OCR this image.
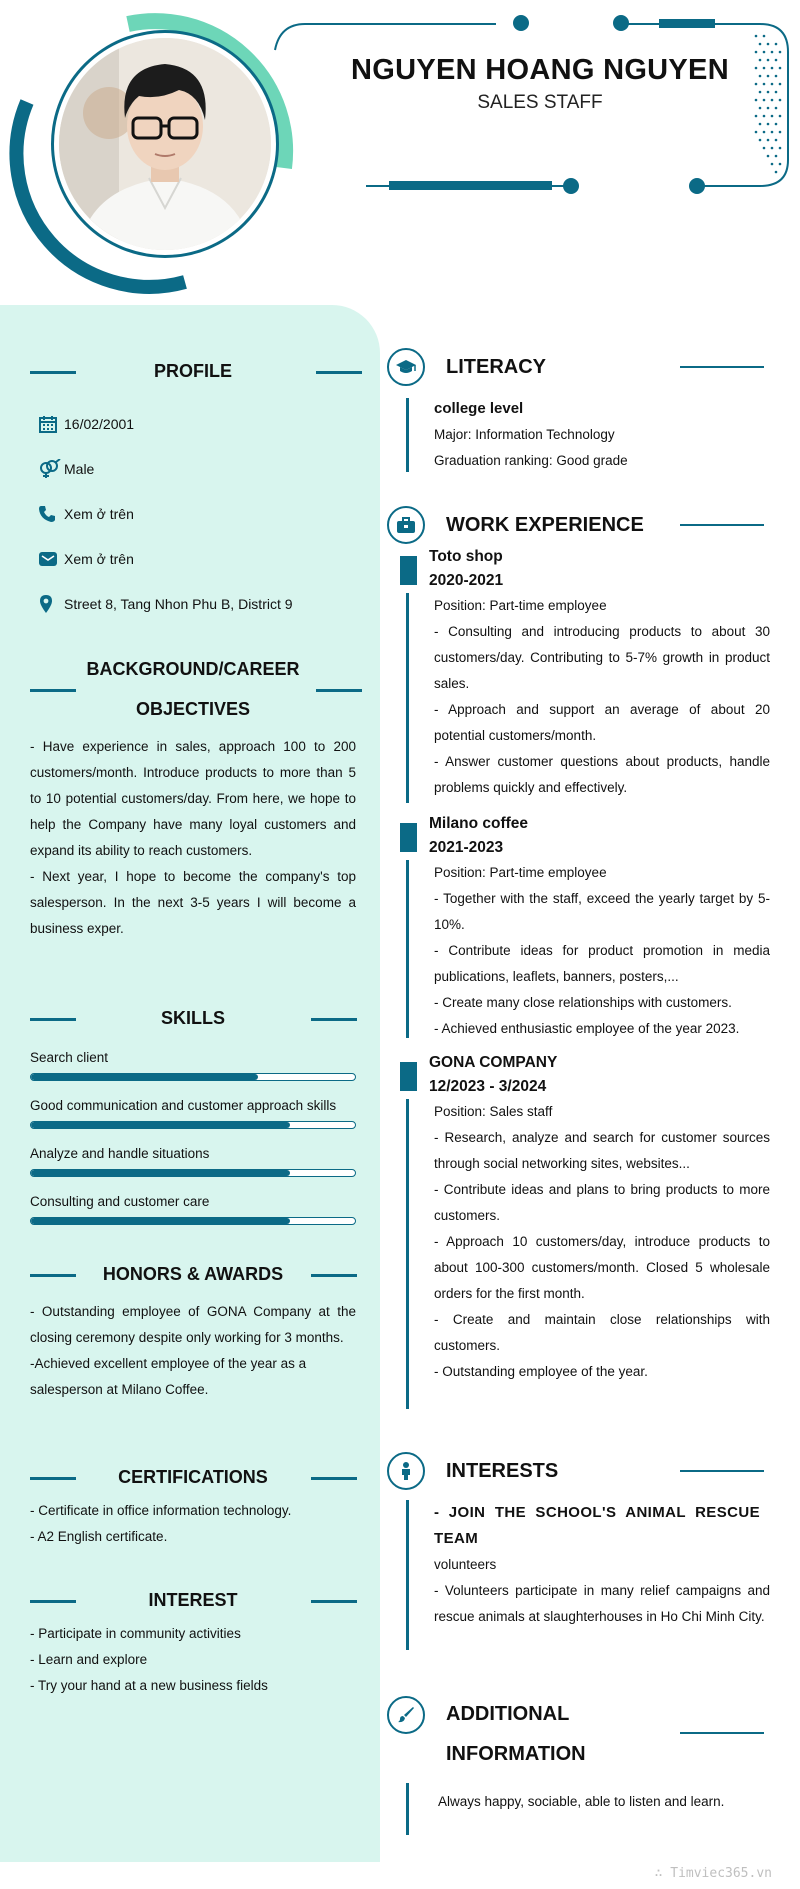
NGUYEN HOANG NGUYEN
SALES STAFF
PROFILE
16/02/2001
Male
Xem ở trên
Xem ở trên
Street 8, Tang Nhon Phu B, District 9
BACKGROUND/CAREER
OBJECTIVES

- Have experience in sales, approach 100 to 200 customers/month. Introduce products to more than 5 to 10 potential customers/day. From here, we hope to help the Company have many loyal customers and expand its ability to reach customers.

- Next year, I hope to become the company's top salesperson. In the next 3-5 years I will become a business exper.

SKILLS
Search client
Good communication and customer approach skills
Analyze and handle situations
Consulting and customer care
HONORS & AWARDS

- Outstanding employee of GONA Company at the closing ceremony despite only working for 3 months.

-Achieved excellent employee of the year as a salesperson at Milano Coffee.

CERTIFICATIONS
- Certificate in office information technology.
- A2 English certificate.
INTEREST
- Participate in community activities
- Learn and explore
- Try your hand at a new business fields
LITERACY
college level
Major: Information Technology
Graduation ranking: Good grade
WORK EXPERIENCE
Toto shop
2020-2021
Position: Part-time employee
- Consulting and introducing products to about 30 customers/day. Contributing to 5-7% growth in product sales.
- Approach and support an average of about 20 potential customers/month.
- Answer customer questions about products, handle problems quickly and effectively.
Milano coffee
2021-2023
Position: Part-time employee
- Together with the staff, exceed the yearly target by 5-10%.
- Contribute ideas for product promotion in media publications, leaflets, banners, posters,...
- Create many close relationships with customers.
- Achieved enthusiastic employee of the year 2023.
GONA COMPANY
12/2023 - 3/2024
Position: Sales staff
- Research, analyze and search for customer sources through social networking sites, websites...
- Contribute ideas and plans to bring products to more customers.
- Approach 10 customers/day, introduce products to about 100-300 customers/month. Closed 5 wholesale orders for the first month.
- Create and maintain close relationships with customers.
- Outstanding employee of the year.
INTERESTS
- JOIN THE SCHOOL'S ANIMAL RESCUE TEAM
volunteers
- Volunteers participate in many relief campaigns and rescue animals at slaughterhouses in Ho Chi Minh City.
ADDITIONAL
INFORMATION
Always happy, sociable, able to listen and learn.
∴ Timviec365.vn
